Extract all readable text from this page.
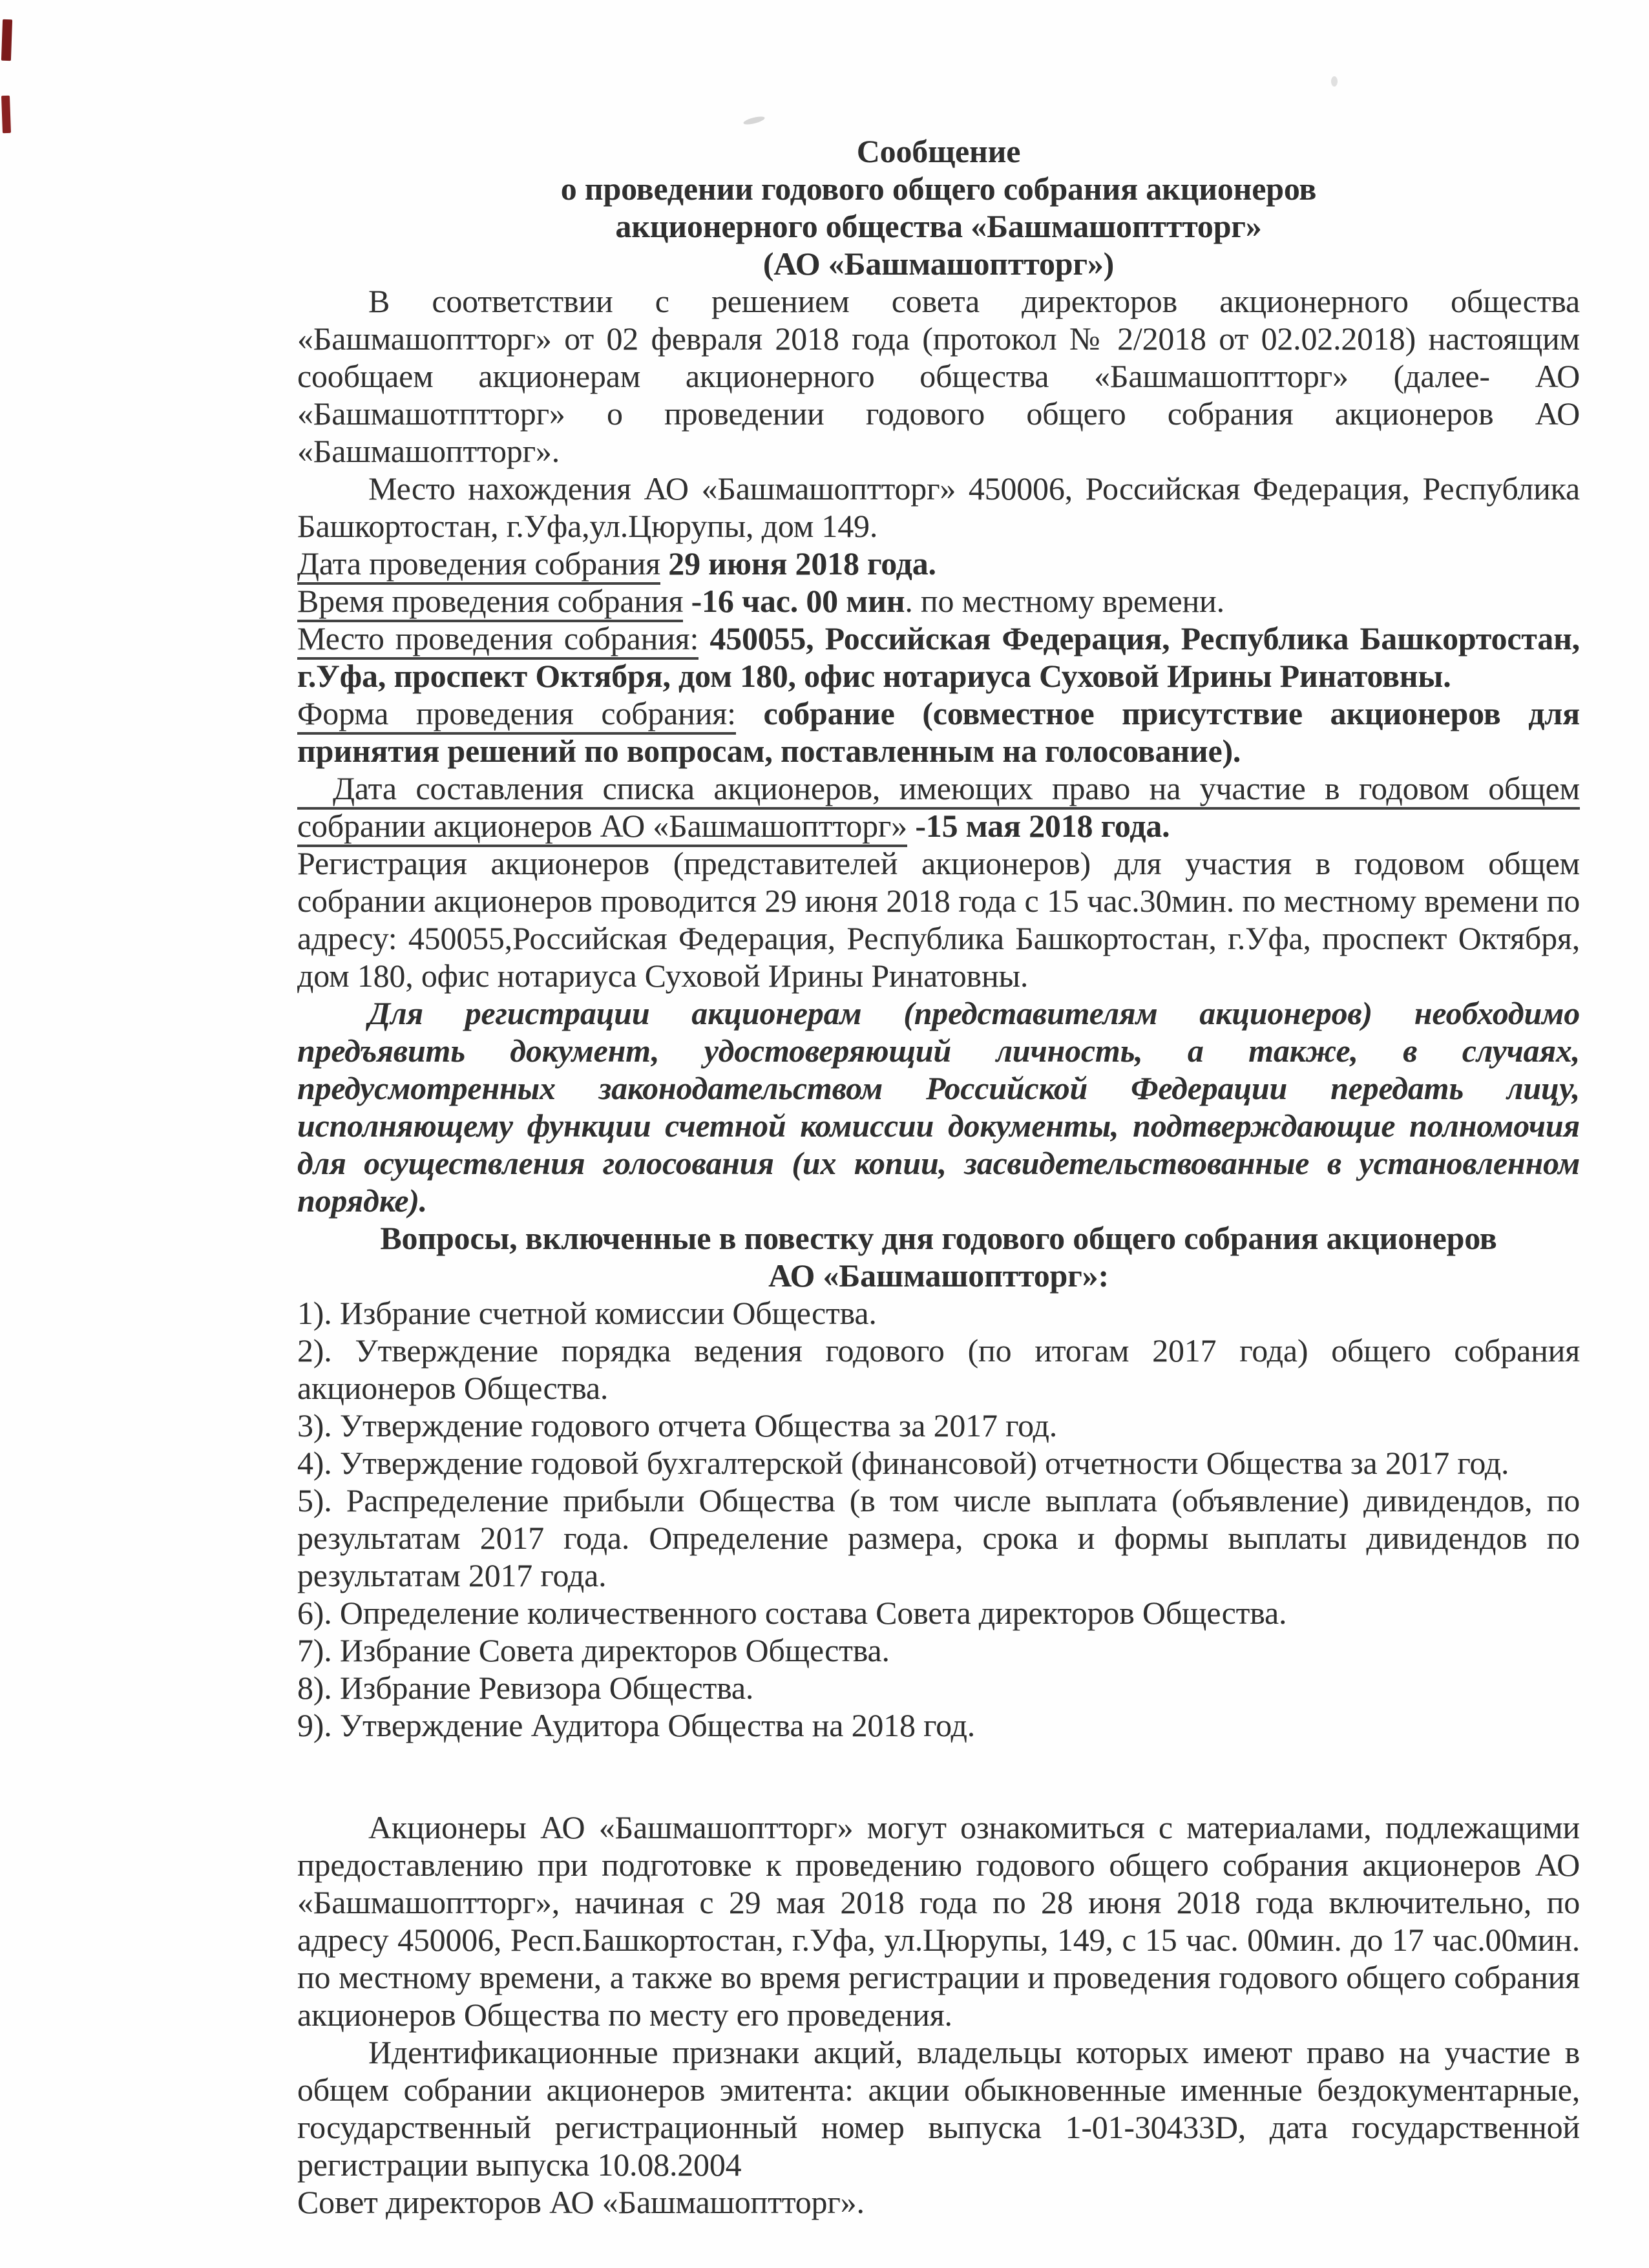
Сообщение
о проведении годового общего собрания акционеров
акционерного общества «Башмашопттторг»
(АО «Башмашоптторг»)

В соответствии с решением совета директоров акционерного общества «Башмашоптторг» от 02 февраля 2018 года (протокол № 2/2018 от 02.02.2018) настоящим сообщаем акционерам акционерного общества «Башмашоптторг» (далее- АО «Башмашотптторг» о проведении годового общего собрания акционеров АО «Башмашоптторг».

Место нахождения АО «Башмашоптторг» 450006, Российская Федерация, Республика Башкортостан, г.Уфа,ул.Цюрупы, дом 149.

Дата проведения собрания 29 июня 2018 года.

Время проведения собрания -16 час. 00 мин. по местному времени.

Место проведения собрания: 450055, Российская Федерация, Республика Башкортостан, г.Уфа, проспект Октября, дом 180, офис нотариуса Суховой Ирины Ринатовны.

Форма проведения собрания: собрание (совместное присутствие акционеров для принятия решений по вопросам, поставленным на голосование).

Дата составления списка акционеров, имеющих право на участие в годовом общем собрании акционеров АО «Башмашоптторг» -15 мая 2018 года.

Регистрация акционеров (представителей акционеров) для участия в годовом общем собрании акционеров проводится 29 июня 2018 года с 15 час.30мин. по местному времени по адресу: 450055,Российская Федерация, Республика Башкортостан, г.Уфа, проспект Октября, дом 180, офис нотариуса Суховой Ирины Ринатовны.

Для регистрации акционерам (представителям акционеров) необходимо предъявить документ, удостоверяющий личность, а также, в случаях, предусмотренных законодательством Российской Федерации передать лицу, исполняющему функции счетной комиссии документы, подтверждающие полномочия для осуществления голосования (их копии, засвидетельствованные в установленном порядке).

Вопросы, включенные в повестку дня годового общего собрания акционеров

АО «Башмашоптторг»:

1). Избрание счетной комиссии Общества.

2). Утверждение порядка ведения годового (по итогам 2017 года) общего собрания акционеров Общества.

3). Утверждение годового отчета Общества за 2017 год.

4). Утверждение годовой бухгалтерской (финансовой) отчетности Общества за 2017 год.

5). Распределение прибыли Общества (в том числе выплата (объявление) дивидендов, по результатам 2017 года. Определение размера, срока и формы выплаты дивидендов по результатам 2017 года.

6). Определение количественного состава Совета директоров Общества.

7). Избрание Совета директоров Общества.

8). Избрание Ревизора Общества.

9). Утверждение Аудитора Общества на 2018 год.

Акционеры АО «Башмашоптторг» могут ознакомиться с материалами, подлежащими предоставлению при подготовке к проведению годового общего собрания акционеров АО «Башмашоптторг», начиная с 29 мая 2018 года по 28 июня 2018 года включительно, по адресу 450006, Респ.Башкортостан, г.Уфа, ул.Цюрупы, 149, с 15 час. 00мин. до 17 час.00мин. по местному времени, а также во время регистрации и проведения годового общего собрания акционеров Общества по месту его проведения.

Идентификационные признаки акций, владельцы которых имеют право на участие в общем собрании акционеров эмитента: акции обыкновенные именные бездокументарные, государственный регистрационный номер выпуска 1-01-30433D, дата государственной регистрации выпуска 10.08.2004

Совет директоров АО «Башмашоптторг».
